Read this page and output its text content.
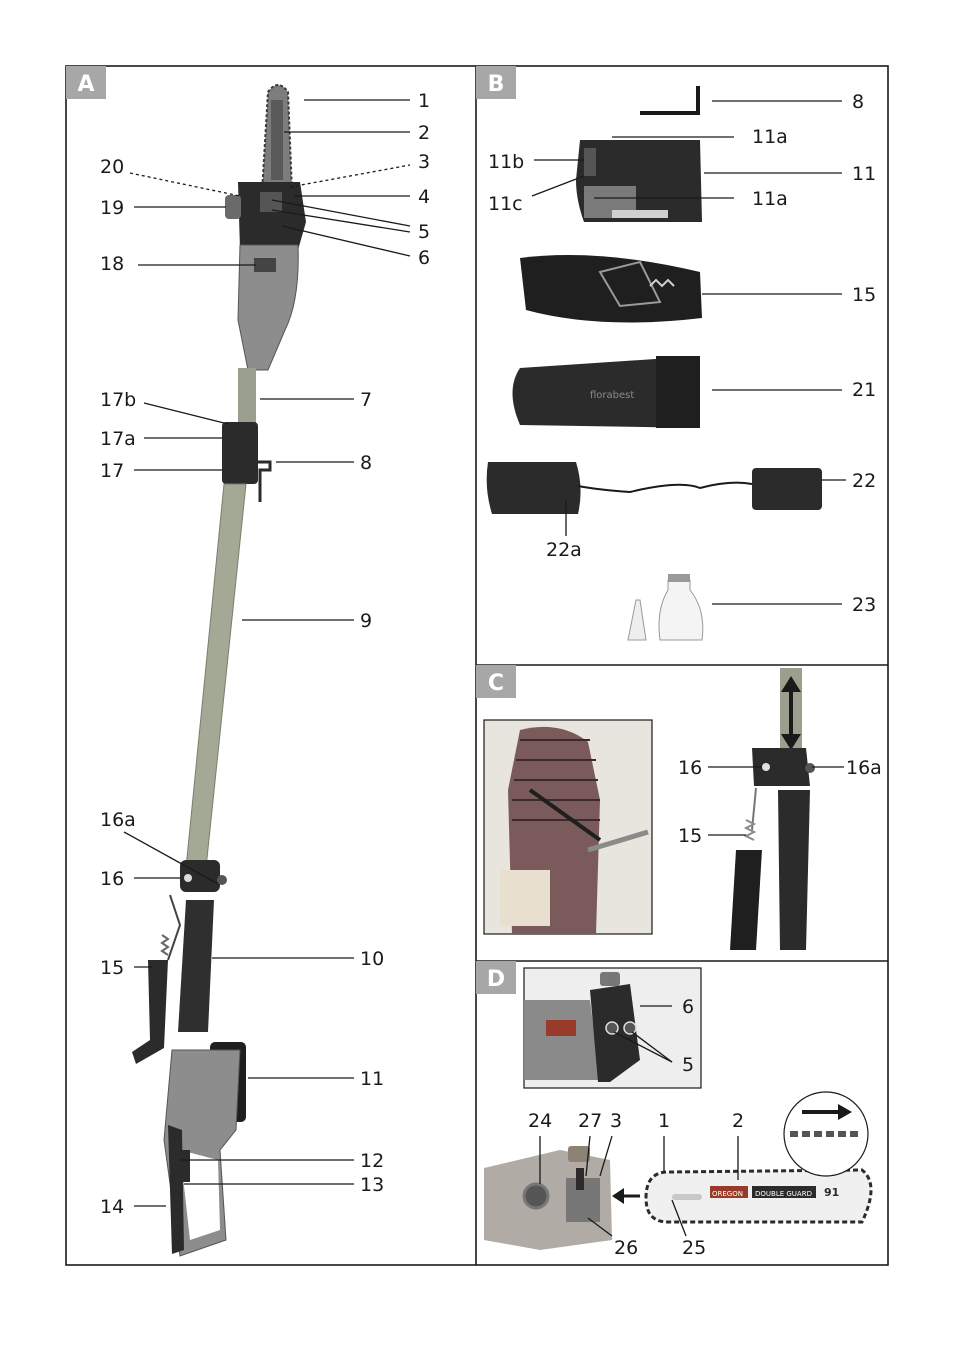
A	B
C
D
1
2
20	3
19	4
5
6
18
17b	7
17a
17	8
9
16a
16
10
15
11
12
13
14
florabest
8
11a
11b
11
11c	11a
15
21
22
22a
23
16	16a
15
OREGON DOUBLE GUARD 91
6
5
24 27 3 1	2
26 25
